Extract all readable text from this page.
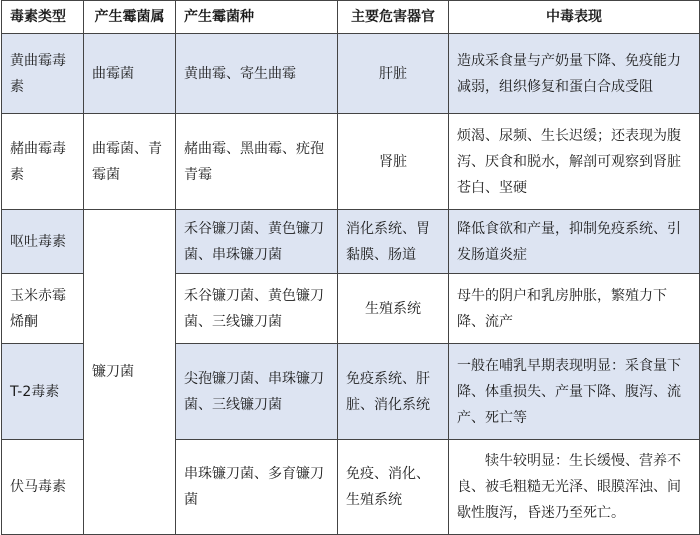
毒素类型	产生霉菌属	产生霉菌种	主要危害器官	中毒表现
黄曲霉毒素	曲霉菌	黄曲霉、寄生曲霉	肝脏	造成采食量与产奶量下降、免疫能力减弱，组织修复和蛋白合成受阻
赭曲霉毒素	曲霉菌、青霉菌	赭曲霉、黑曲霉、疣孢青霉	肾脏	烦渴、尿频、生长迟缓；还表现为腹泻、厌食和脱水，解剖可观察到肾脏苍白、坚硬
呕吐毒素	镰刀菌	禾谷镰刀菌、黄色镰刀菌、串珠镰刀菌	消化系统、胃黏膜、肠道	降低食欲和产量，抑制免疫系统、引发肠道炎症
玉米赤霉烯酮		禾谷镰刀菌、黄色镰刀菌、三线镰刀菌	生殖系统	母牛的阴户和乳房肿胀，繁殖力下降、流产
T-2毒素		尖孢镰刀菌、串珠镰刀菌、三线镰刀菌	免疫系统、肝脏、消化系统	一般在哺乳早期表现明显：采食量下降、体重损失、产量下降、腹泻、流产、死亡等
伏马毒素		串珠镰刀菌、多育镰刀菌	免疫、消化、生殖系统	犊牛较明显：生长缓慢、营养不良、被毛粗糙无光泽、眼膜浑浊、间歇性腹泻，昏迷乃至死亡。
